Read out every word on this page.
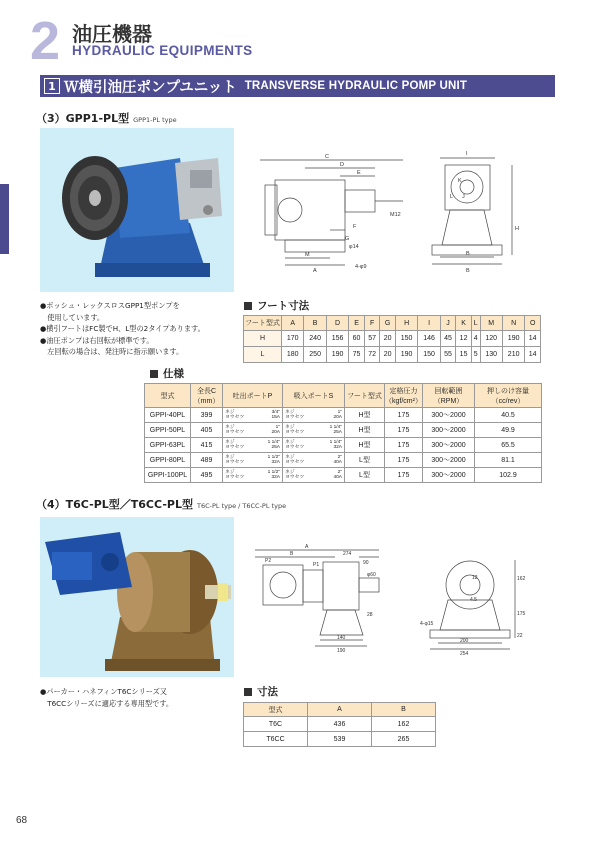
2 油圧機器
HYDRAULIC EQUIPMENTS
1 Ｗ横引油圧ポンプユニット TRANSVERSE HYDRAULIC POMP UNIT
（3）GPP1-PL型 GPP1-PL type
C
D
E
F
G
M12
M
A
4-φ9
φ14
I
K
J
L
H
B
B
●ボッシュ・レックスロスGPP1型ポンプを
　使用しています。
●横引フートはFC製でH、L型の2タイプあります。
●油圧ポンプは右回転が標準です。
　左回転の場合は、発注時に指示願います。
フート寸法
フート型式	A	B	D	E	F	G	H	I	J	K	L	M	N	O
H	170	240	156	60	57	20	150	146	45	12	4	120	190	14
L	180	250	190	75	72	20	190	150	55	15	5	130	210	14
仕様
型式	全長C
（mm）	吐出ポートP	吸入ポートS	フート型式	定格圧力
（kgf/cm²）	回転範囲
（RPM）	押しのけ容量
（cc/rev）
GPPI-40PL	399	ネジ
ヨウセツ
3/4"
15A	ネジ
ヨウセツ
1"
20A	H型	175	300～2000	40.5
GPPI-50PL	405	ネジ
ヨウセツ
1"
20A	ネジ
ヨウセツ
1 1/4"
25A	H型	175	300～2000	49.9
GPPI-63PL	415	ネジ
ヨウセツ
1 1/4"
25A	ネジ
ヨウセツ
1 1/4"
32A	H型	175	300～2000	65.5
GPPI-80PL	489	ネジ
ヨウセツ
1 1/2"
32A	ネジ
ヨウセツ
2"
40A	L型	175	300～2000	81.1
GPPI-100PL	495	ネジ
ヨウセツ
1 1/2"
32A	ネジ
ヨウセツ
2"
40A	L型	175	300～2000	102.9
（4）T6C-PL型／T6CC-PL型 T6C-PL type / T6CC-PL type
A
B	274
90
P2
P1
φ60
28
140
190
162
175
22
12
4.5
200
254
4-φ15
●パーカー・ハネフィンT6Cシリーズ又
　T6CCシリーズに適応する専用型です。
寸法
型式	A	B
T6C	436	162
T6CC	539	265
68
